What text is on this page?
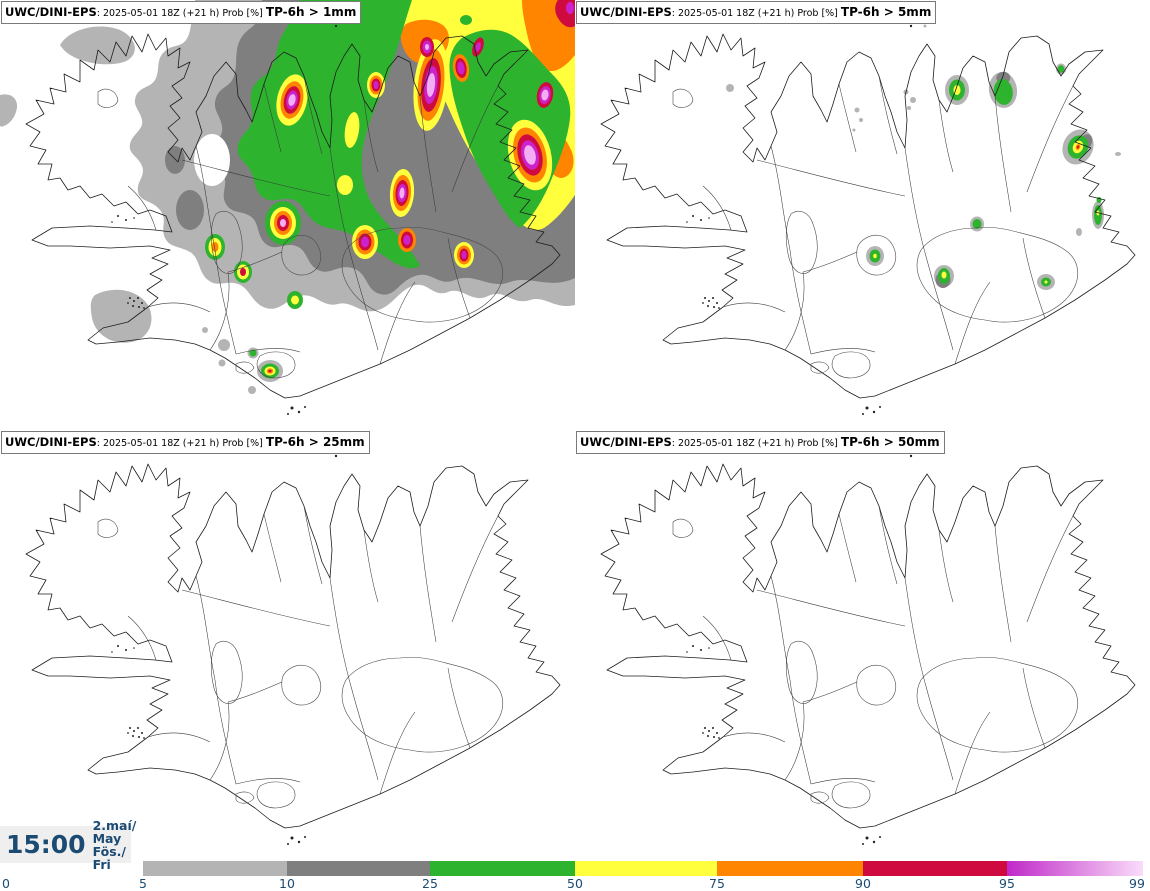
UWC/DINI-EPS: 2025-05-01 18Z (+21 h) Prob [%] TP-6h > 1mm	UWC/DINI-EPS: 2025-05-01 18Z (+21 h) Prob [%] TP-6h > 5mm
UWC/DINI-EPS: 2025-05-01 18Z (+21 h) Prob [%] TP-6h > 25mm	UWC/DINI-EPS: 2025-05-01 18Z (+21 h) Prob [%] TP-6h > 50mm
15:00
2.maí/ May
Fös./ Fri
0	5	10	25	50	75	90	95	99
